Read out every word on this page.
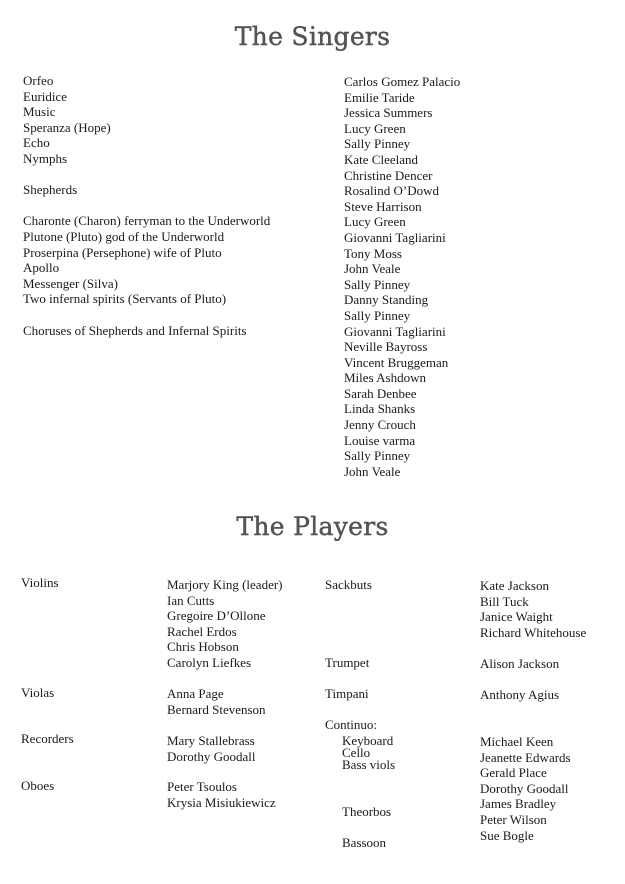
The Singers
Orfeo
Euridice
Music
Speranza (Hope)
Echo
Nymphs
Shepherds
Charonte (Charon) ferryman to the Underworld
Plutone (Pluto) god of the Underworld
Proserpina (Persephone) wife of Pluto
Apollo
Messenger (Silva)
Two infernal spirits (Servants of Pluto)
Choruses of Shepherds and Infernal Spirits
Carlos Gomez Palacio
Emilie Taride
Jessica Summers
Lucy Green
Sally Pinney
Kate Cleeland
Christine Dencer
Rosalind O’Dowd
Steve Harrison
Lucy Green
Giovanni Tagliarini
Tony Moss
John Veale
Sally Pinney
Danny Standing
Sally Pinney
Giovanni Tagliarini
Neville Bayross
Vincent Bruggeman
Miles Ashdown
Sarah Denbee
Linda Shanks
Jenny Crouch
Louise varma
Sally Pinney
John Veale
The Players
Violins
Violas
Recorders
Oboes
Marjory King (leader)
Ian Cutts
Gregoire D’Ollone
Rachel Erdos
Chris Hobson
Carolyn Liefkes
Anna Page
Bernard Stevenson
Mary Stallebrass
Dorothy Goodall
Peter Tsoulos
Krysia Misiukiewicz
Sackbuts
Trumpet
Timpani
Continuo:
Keyboard
Cello
Bass viols
Theorbos
Bassoon
Kate Jackson
Bill Tuck
Janice Waight
Richard Whitehouse
Alison Jackson
Anthony Agius
Michael Keen
Jeanette Edwards
Gerald Place
Dorothy Goodall
James Bradley
Peter Wilson
Sue Bogle
